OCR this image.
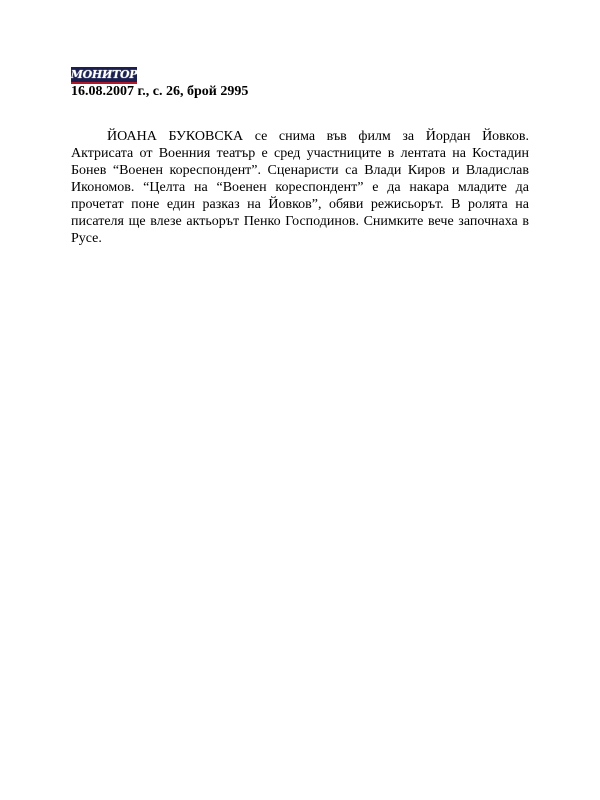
МОНИТОР
16.08.2007 г., с. 26, брой 2995

ЙОАНА БУКОВСКА се снима във филм за Йордан Йовков. Актрисата от Военния театър е сред участниците в лентата на Костадин Бонев “Военен кореспондент”. Сценаристи са Влади Киров и Владислав Икономов. “Целта на “Военен кореспондент” е да накара младите да прочетат поне един разказ на Йовков”, обяви режисьорът. В ролята на писателя ще влезе актьорът Пенко Господинов. Снимките вече започнаха в Русе.
